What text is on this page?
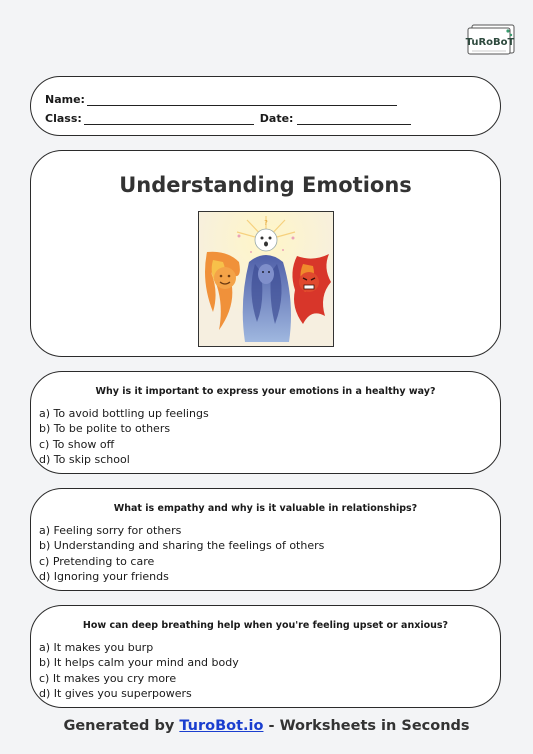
TuRoBoT
Name:
Class:	Date:
Understanding Emotions
?
Why is it important to express your emotions in a healthy way?
a) To avoid bottling up feelings
b) To be polite to others
c) To show off
d) To skip school
What is empathy and why is it valuable in relationships?
a) Feeling sorry for others
b) Understanding and sharing the feelings of others
c) Pretending to care
d) Ignoring your friends
How can deep breathing help when you're feeling upset or anxious?
a) It makes you burp
b) It helps calm your mind and body
c) It makes you cry more
d) It gives you superpowers
Generated by TuroBot.io - Worksheets in Seconds
